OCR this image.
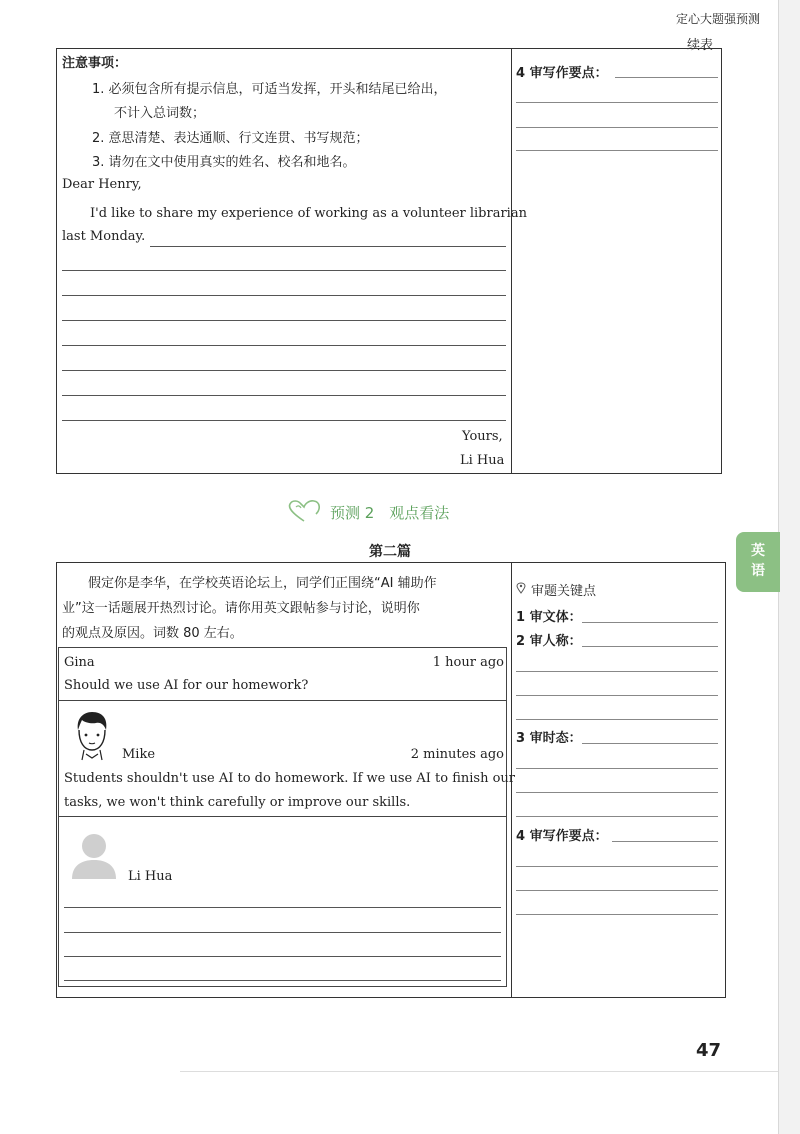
定心大题强预测
续表
注意事项：
1. 必须包含所有提示信息，可适当发挥，开头和结尾已给出，
不计入总词数；
2. 意思清楚、表达通顺、行文连贯、书写规范；
3. 请勿在文中使用真实的姓名、校名和地名。
Dear Henry,
I'd like to share my experience of working as a volunteer librarian
last Monday.
Yours,
Li Hua
4 审写作要点：
预测 2　观点看法
第二篇	英
语
假定你是李华，在学校英语论坛上，同学们正围绕“AI 辅助作
业”这一话题展开热烈讨论。请你用英文跟帖参与讨论，说明你
的观点及原因。词数 80 左右。
Gina	1 hour ago
Should we use AI for our homework?
Mike	2 minutes ago
Students shouldn't use AI to do homework. If we use AI to finish our
tasks, we won't think carefully or improve our skills.
Li Hua
审题关键点
1 审文体：
2 审人称：
3 审时态：
4 审写作要点：
47
